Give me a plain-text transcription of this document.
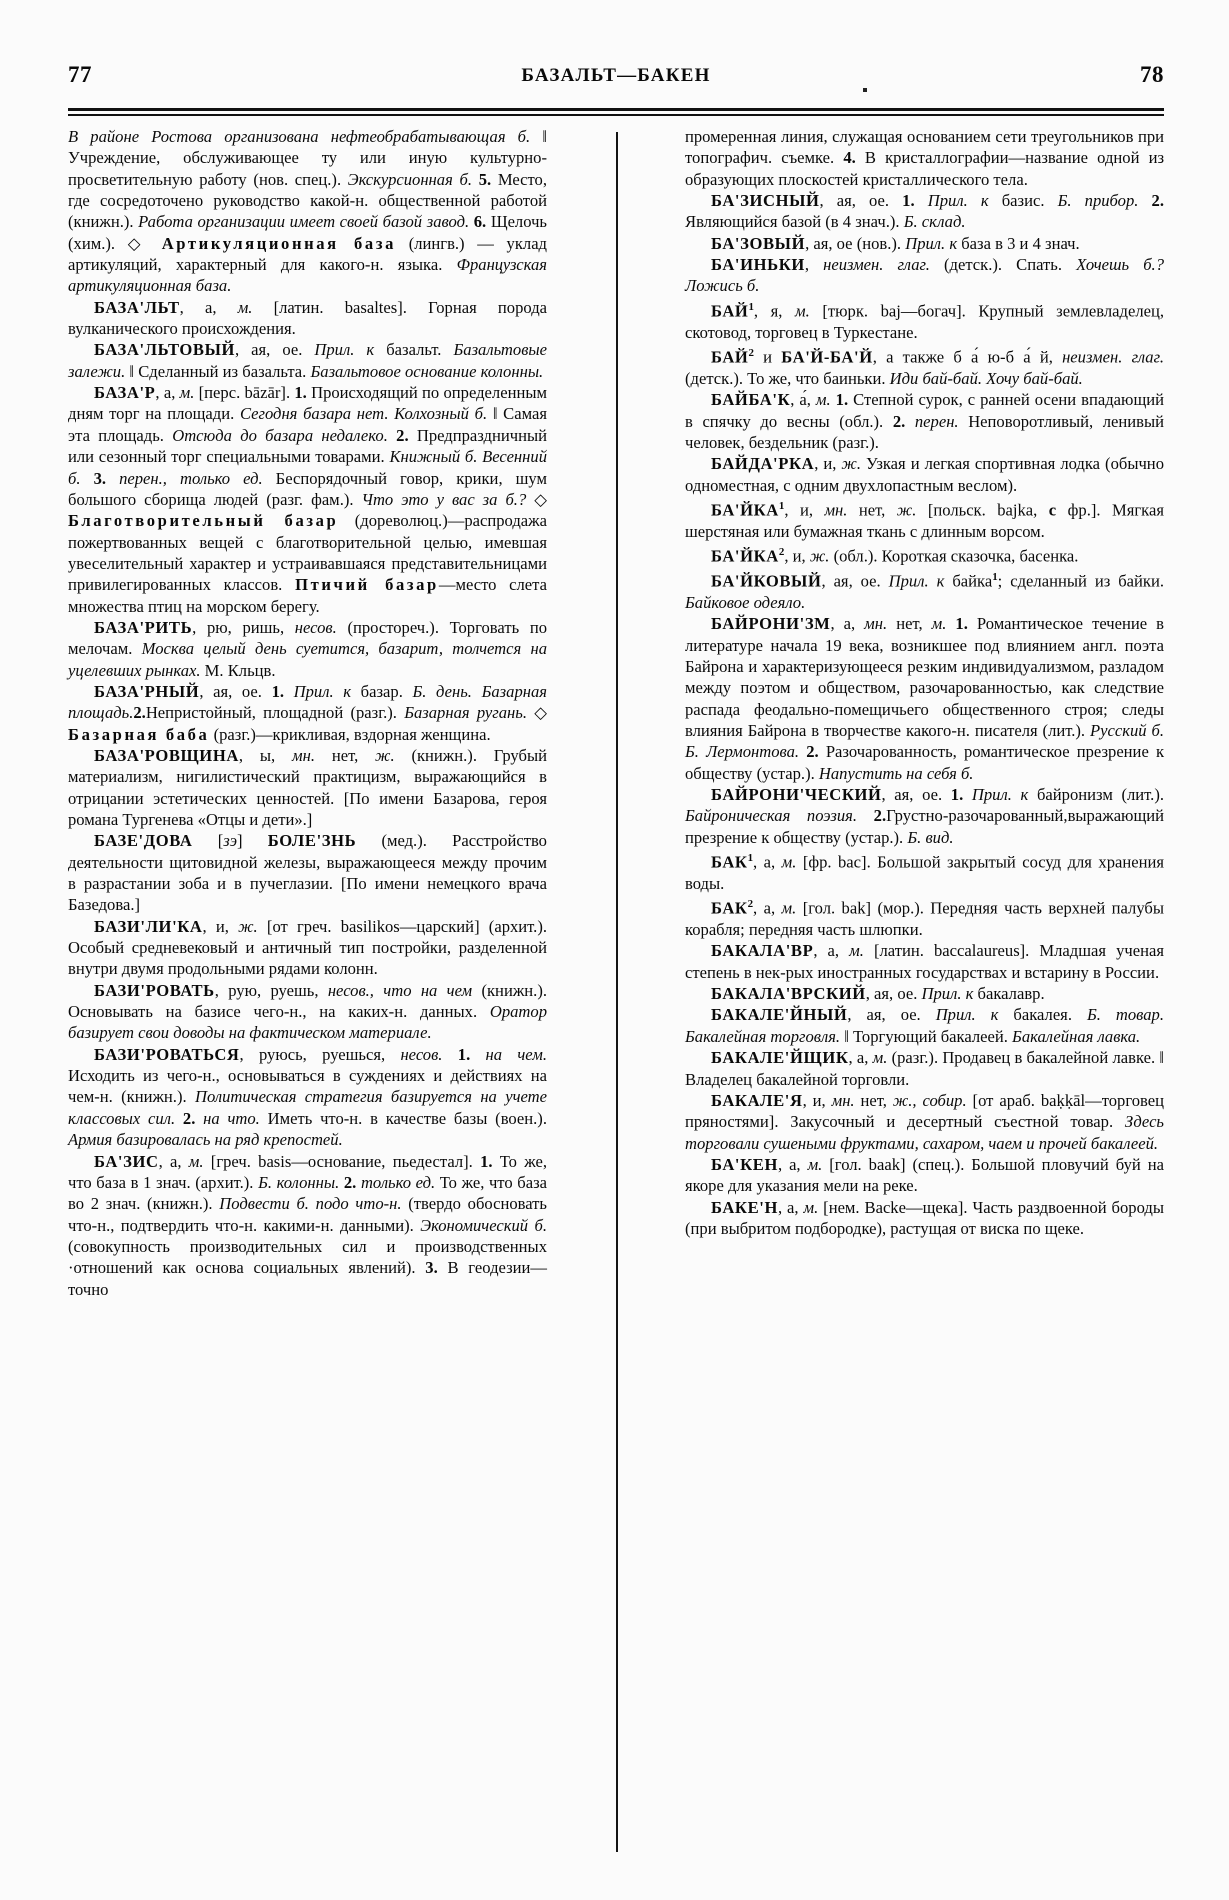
77	БАЗАЛЬТ—БАКЕН	78

В районе Ростова организована нефтеобрабатывающая б. ‖ Учреждение, обслуживающее ту или иную культурно-просветительную работу (нов. спец.). Экскурсионная б. 5. Место, где сосредоточено руководство какой-н. общественной работой (книжн.). Работа организации имеет своей базой завод. 6. Щелочь (хим.). ◇ Артикуляционная база (лингв.) — уклад артикуляций, характерный для какого-н. языка. Французская артикуляционная база.

БАЗА'ЛЬТ, а, м. [латин. basaltes]. Горная порода вулканического происхождения.

БАЗА'ЛЬТОВЫЙ, ая, ое. Прил. к базальт. Базальтовые залежи. ‖ Сделанный из базальта. Базальтовое основание колонны.

БАЗА'Р, а, м. [перс. bāzār]. 1. Происходящий по определенным дням торг на площади. Сегодня базара нет. Колхозный б. ‖ Самая эта площадь. Отсюда до базара недалеко. 2. Предпраздничный или сезонный торг специальными товарами. Книжный б. Весенний б. 3. перен., только ед. Беспорядочный говор, крики, шум большого сборища людей (разг. фам.). Что это у вас за б.? ◇ Благотворительный базар (дореволюц.)—распродажа пожертвованных вещей с благотворительной целью, имевшая увеселительный характер и устраивавшаяся представительницами привилегированных классов. Птичий базар—место слета множества птиц на морском берегу.

БАЗА'РИТЬ, рю, ришь, несов. (простореч.). Торговать по мелочам. Москва целый день суетится, базарит, толчется на уцелевших рынках. М. Кльцв.

БАЗА'РНЫЙ, ая, ое. 1. Прил. к базар. Б. день. Базарная площадь.2.Непристойный, площадной (разг.). Базарная ругань. ◇ Базарная баба (разг.)—крикливая, вздорная женщина.

БАЗА'РОВЩИНА, ы, мн. нет, ж. (книжн.). Грубый материализм, нигилистический практицизм, выражающийся в отрицании эстетических ценностей. [По имени Базарова, героя романа Тургенева «Отцы и дети».]

БАЗЕ'ДОВА [зэ] БОЛЕ'ЗНЬ (мед.). Расстройство деятельности щитовидной железы, выражающееся между прочим в разрастании зоба и в пучеглазии. [По имени немецкого врача Базедова.]

БАЗИ'ЛИ'КА, и, ж. [от греч. basilikos—царский] (архит.). Особый средневековый и античный тип постройки, разделенной внутри двумя продольными рядами колонн.

БАЗИ'РОВАТЬ, рую, руешь, несов., что на чем (книжн.). Основывать на базисе чего-н., на каких-н. данных. Оратор базирует свои доводы на фактическом материале.

БАЗИ'РОВАТЬСЯ, руюсь, руешься, несов. 1. на чем. Исходить из чего-н., основываться в суждениях и действиях на чем-н. (книжн.). Политическая стратегия базируется на учете классовых сил. 2. на что. Иметь что-н. в качестве базы (воен.). Армия базировалась на ряд крепостей.

БА'ЗИС, а, м. [греч. basis—основание, пьедестал]. 1. То же, что база в 1 знач. (архит.). Б. колонны. 2. только ед. То же, что база во 2 знач. (книжн.). Подвести б. подо что-н. (твердо обосновать что-н., подтвердить что-н. какими-н. данными). Экономический б. (совокупность производительных сил и производственных ·отношений как основа социальных явлений). 3. В геодезии—точно

промеренная линия, служащая основанием сети треугольников при топографич. съемке. 4. В кристаллографии—название одной из образующих плоскостей кристаллического тела.

БА'ЗИСНЫЙ, ая, ое. 1. Прил. к базис. Б. прибор. 2. Являющийся базой (в 4 знач.). Б. склад.

БА'ЗОВЫЙ, ая, ое (нов.). Прил. к база в 3 и 4 знач.

БА'ИНЬКИ, неизмен. глаг. (детск.). Спать. Хочешь б.? Ложись б.

БАЙ$^1$, я, м. [тюрк. baj—богач]. Крупный землевладелец, скотовод, торговец в Туркестане.

БАЙ$^2$ и БА'Й-БА'Й, а также б а́ ю-б а́ й, неизмен. глаг. (детск.). То же, что баиньки. Иди бай-бай. Хочу бай-бай.

БАЙБА'К, а́, м. 1. Степной сурок, с ранней осени впадающий в спячку до весны (обл.). 2. перен. Неповоротливый, ленивый человек, бездельник (разг.).

БАЙДА'РКА, и, ж. Узкая и легкая спортивная лодка (обычно одноместная, с одним двухлопастным веслом).

БА'ЙКА$^1$, и, мн. нет, ж. [польск. bajka, с фр.]. Мягкая шерстяная или бумажная ткань с длинным ворсом.

БА'ЙКА$^2$, и, ж. (обл.). Короткая сказочка, басенка.

БА'ЙКОВЫЙ, ая, ое. Прил. к байка$^1$; сделанный из байки. Байковое одеяло.

БАЙРОНИ'ЗМ, а, мн. нет, м. 1. Романтическое течение в литературе начала 19 века, возникшее под влиянием англ. поэта Байрона и характеризующееся резким индивидуализмом, разладом между поэтом и обществом, разочарованностью, как следствие распада феодально-помещичьего общественного строя; следы влияния Байрона в творчестве какого-н. писателя (лит.). Русский б. Б. Лермонтова. 2. Разочарованность, романтическое презрение к обществу (устар.). Напустить на себя б.

БАЙРОНИ'ЧЕСКИЙ, ая, ое. 1. Прил. к байронизм (лит.). Байроническая поэзия. 2.Грустно-разочарованный,выражающий презрение к обществу (устар.). Б. вид.

БАК$^1$, а, м. [фр. bac]. Большой закрытый сосуд для хранения воды.

БАК$^2$, а, м. [гол. bak] (мор.). Передняя часть верхней палубы корабля; передняя часть шлюпки.

БАКАЛА'ВР, а, м. [латин. baccalaureus]. Младшая ученая степень в нек-рых иностранных государствах и встарину в России.

БАКАЛА'ВРСКИЙ, ая, ое. Прил. к бакалавр.

БАКАЛЕ'ЙНЫЙ, ая, ое. Прил. к бакалея. Б. товар. Бакалейная торговля. ‖ Торгующий бакалеей. Бакалейная лавка.

БАКАЛЕ'ЙЩИК, а, м. (разг.). Продавец в бакалейной лавке. ‖ Владелец бакалейной торговли.

БАКАЛЕ'Я, и, мн. нет, ж., собир. [от араб. baḳḳāl—торговец пряностями]. Закусочный и десертный съестной товар. Здесь торговали сушеными фруктами, сахаром, чаем и прочей бакалеей.

БА'КЕН, а, м. [гол. baak] (спец.). Большой пловучий буй на якоре для указания мели на реке.

БАКЕ'Н, а, м. [нем. Backe—щека]. Часть раздвоенной бороды (при выбритом подбородке), растущая от виска по щеке.
